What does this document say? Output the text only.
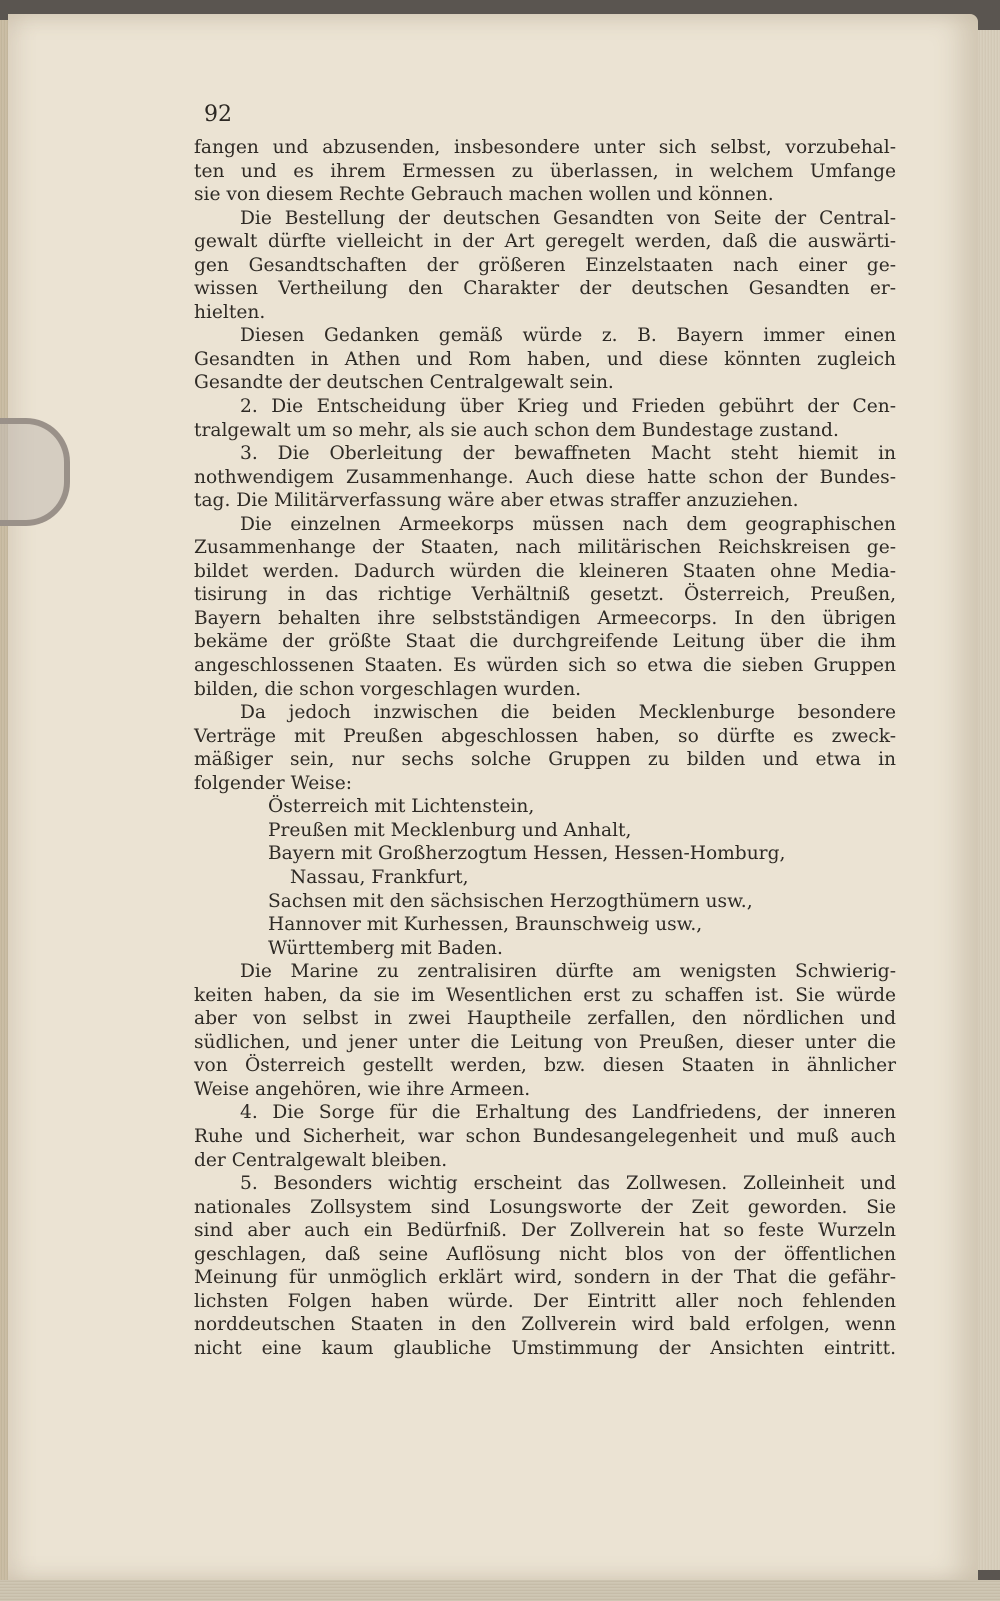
92
fangen und abzusenden, insbesondere unter sich selbst, vorzubehal-
ten und es ihrem Ermessen zu überlassen, in welchem Umfange
sie von diesem Rechte Gebrauch machen wollen und können.
Die Bestellung der deutschen Gesandten von Seite der Central-
gewalt dürfte vielleicht in der Art geregelt werden, daß die auswärti-
gen Gesandtschaften der größeren Einzelstaaten nach einer ge-
wissen Vertheilung den Charakter der deutschen Gesandten er-
hielten.
Diesen Gedanken gemäß würde z. B. Bayern immer einen
Gesandten in Athen und Rom haben, und diese könnten zugleich
Gesandte der deutschen Centralgewalt sein.
2. Die Entscheidung über Krieg und Frieden gebührt der Cen-
tralgewalt um so mehr, als sie auch schon dem Bundestage zustand.
3. Die Oberleitung der bewaffneten Macht steht hiemit in
nothwendigem Zusammenhange. Auch diese hatte schon der Bundes-
tag. Die Militärverfassung wäre aber etwas straffer anzuziehen.
Die einzelnen Armeekorps müssen nach dem geographischen
Zusammenhange der Staaten, nach militärischen Reichskreisen ge-
bildet werden. Dadurch würden die kleineren Staaten ohne Media-
tisirung in das richtige Verhältniß gesetzt. Österreich, Preußen,
Bayern behalten ihre selbstständigen Armeecorps. In den übrigen
bekäme der größte Staat die durchgreifende Leitung über die ihm
angeschlossenen Staaten. Es würden sich so etwa die sieben Gruppen
bilden, die schon vorgeschlagen wurden.
Da jedoch inzwischen die beiden Mecklenburge besondere
Verträge mit Preußen abgeschlossen haben, so dürfte es zweck-
mäßiger sein, nur sechs solche Gruppen zu bilden und etwa in
folgender Weise:
Österreich mit Lichtenstein,
Preußen mit Mecklenburg und Anhalt,
Bayern mit Großherzogtum Hessen, Hessen-Homburg,
Nassau, Frankfurt,
Sachsen mit den sächsischen Herzogthümern usw.,
Hannover mit Kurhessen, Braunschweig usw.,
Württemberg mit Baden.
Die Marine zu zentralisiren dürfte am wenigsten Schwierig-
keiten haben, da sie im Wesentlichen erst zu schaffen ist. Sie würde
aber von selbst in zwei Hauptheile zerfallen, den nördlichen und
südlichen, und jener unter die Leitung von Preußen, dieser unter die
von Österreich gestellt werden, bzw. diesen Staaten in ähnlicher
Weise angehören, wie ihre Armeen.
4. Die Sorge für die Erhaltung des Landfriedens, der inneren
Ruhe und Sicherheit, war schon Bundesangelegenheit und muß auch
der Centralgewalt bleiben.
5. Besonders wichtig erscheint das Zollwesen. Zolleinheit und
nationales Zollsystem sind Losungsworte der Zeit geworden. Sie
sind aber auch ein Bedürfniß. Der Zollverein hat so feste Wurzeln
geschlagen, daß seine Auflösung nicht blos von der öffentlichen
Meinung für unmöglich erklärt wird, sondern in der That die gefähr-
lichsten Folgen haben würde. Der Eintritt aller noch fehlenden
norddeutschen Staaten in den Zollverein wird bald erfolgen, wenn
nicht eine kaum glaubliche Umstimmung der Ansichten eintritt.
